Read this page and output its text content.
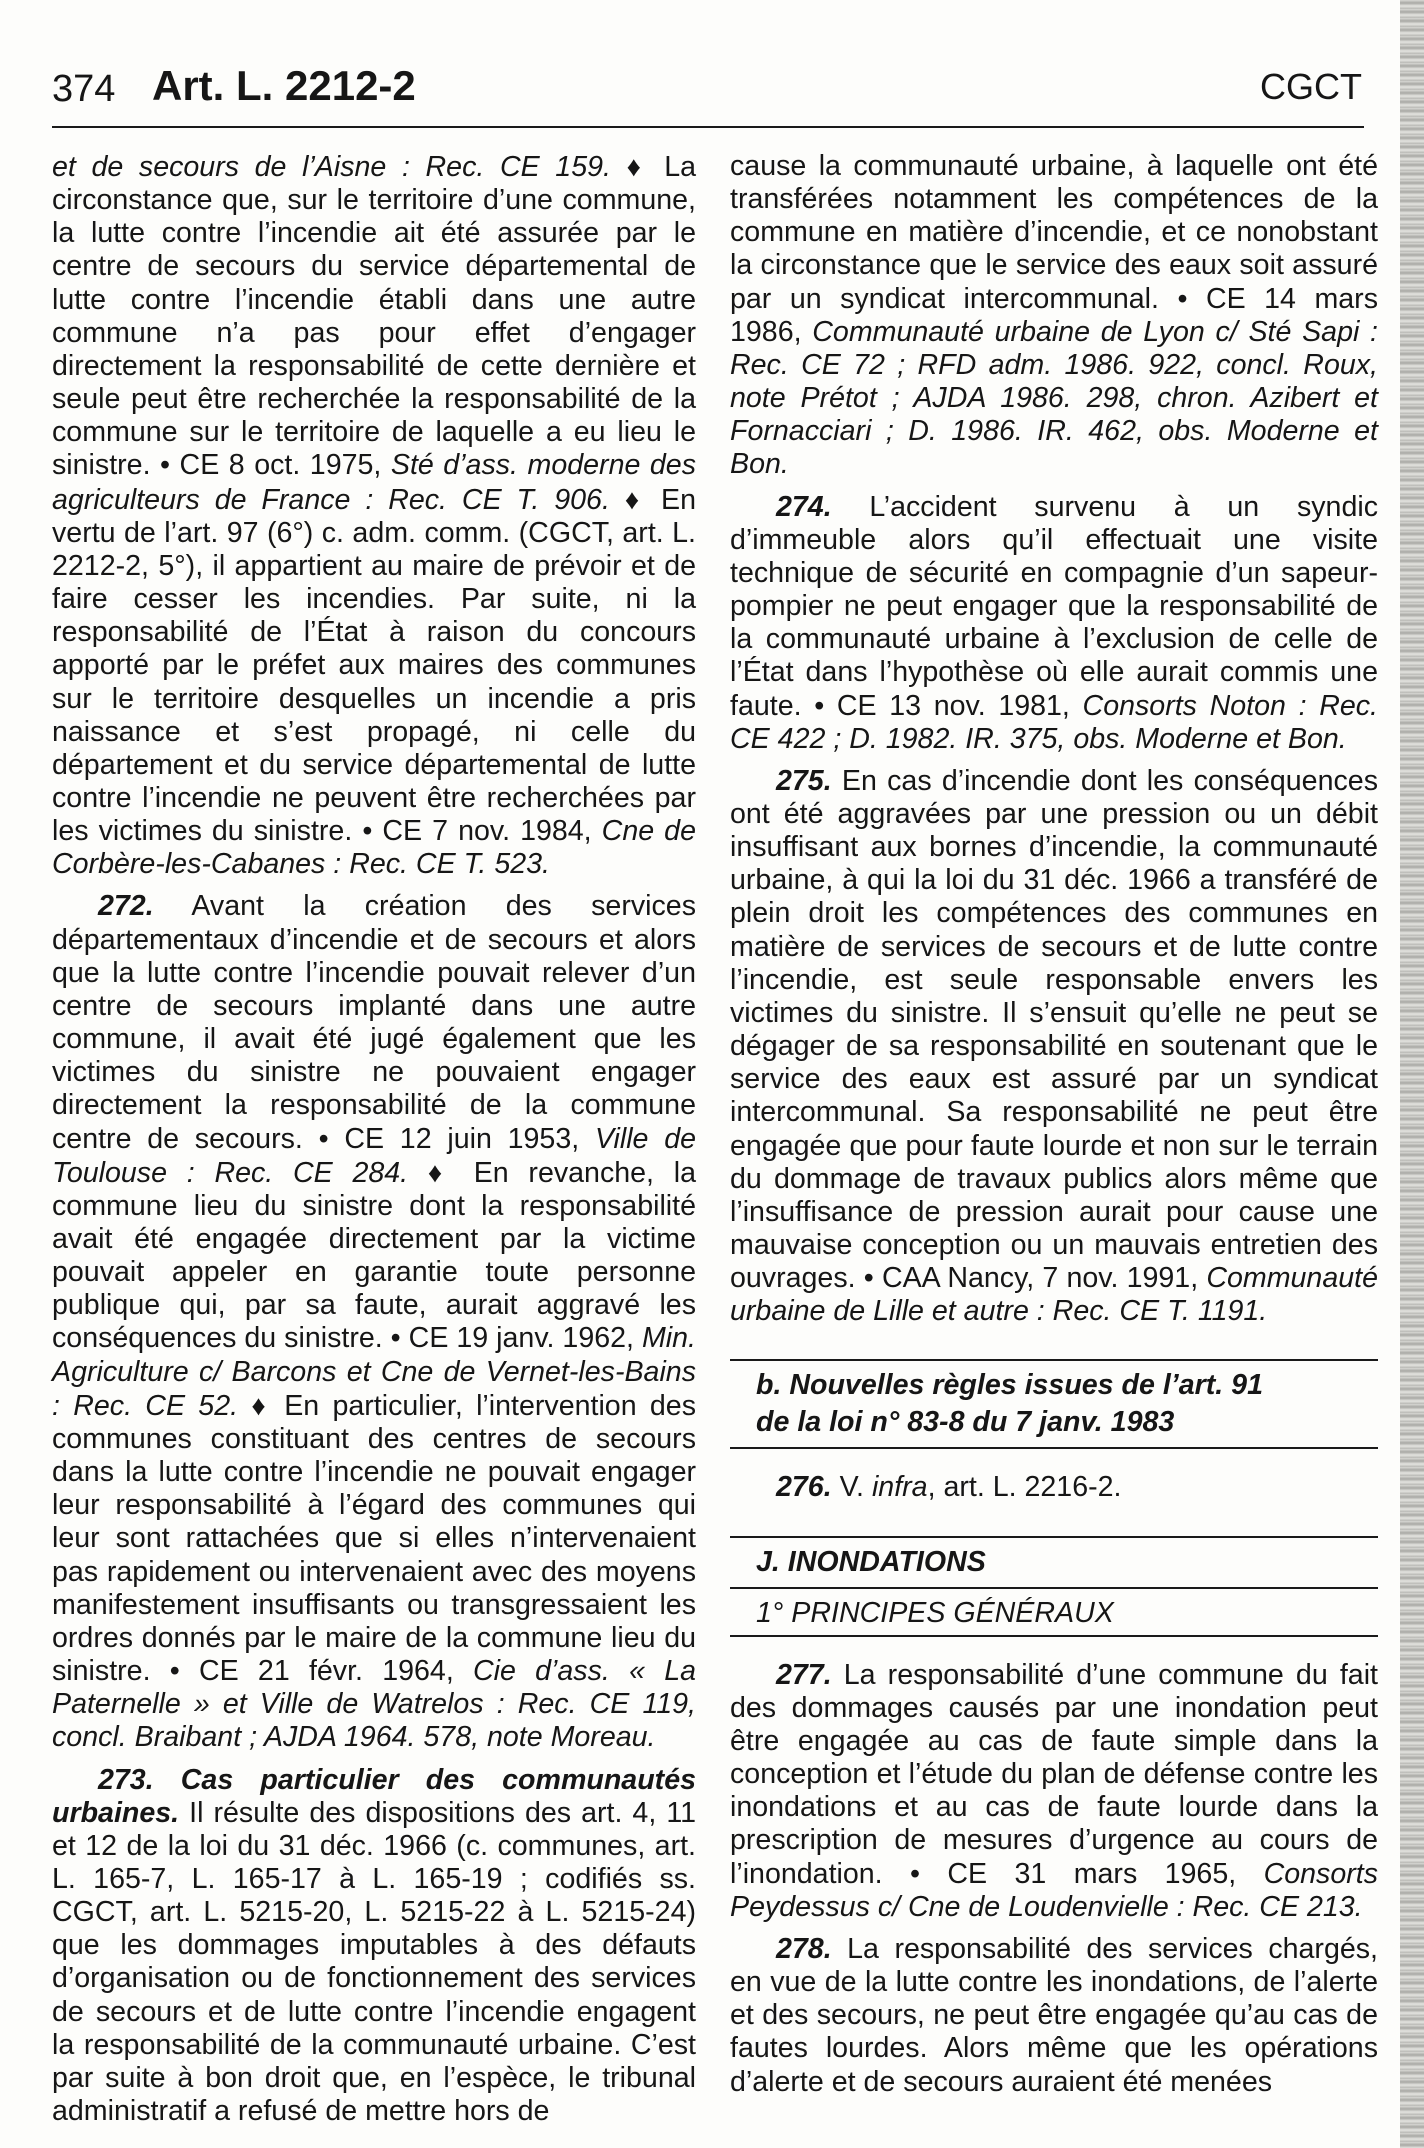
374 Art. L. 2212-2	CGCT

et de secours de l’Aisne : Rec. CE 159. ♦ La circonstance que, sur le territoire d’une commune, la lutte contre l’incendie ait été assurée par le centre de secours du service départemental de lutte contre l’incendie établi dans une autre commune n’a pas pour effet d’engager directement la responsabilité de cette dernière et seule peut être recherchée la responsabilité de la commune sur le territoire de laquelle a eu lieu le sinistre. • CE 8 oct. 1975, Sté d’ass. moderne des agriculteurs de France : Rec. CE T. 906. ♦ En vertu de l’art. 97 (6°) c. adm. comm. (CGCT, art. L. 2212-2, 5°), il appartient au maire de prévoir et de faire cesser les incendies. Par suite, ni la responsabilité de l’État à raison du concours apporté par le préfet aux maires des communes sur le territoire desquelles un incendie a pris naissance et s’est propagé, ni celle du département et du service départemental de lutte contre l’incendie ne peuvent être recherchées par les victimes du sinistre. • CE 7 nov. 1984, Cne de Corbère-les-Cabanes : Rec. CE T. 523.

272. Avant la création des services départementaux d’incendie et de secours et alors que la lutte contre l’incendie pouvait relever d’un centre de secours implanté dans une autre commune, il avait été jugé également que les victimes du sinistre ne pouvaient engager directement la responsabilité de la commune centre de secours. • CE 12 juin 1953, Ville de Toulouse : Rec. CE 284. ♦ En revanche, la commune lieu du sinistre dont la responsabilité avait été engagée directement par la victime pouvait appeler en garantie toute personne publique qui, par sa faute, aurait aggravé les conséquences du sinistre. • CE 19 janv. 1962, Min. Agriculture c/ Barcons et Cne de Vernet-les-Bains : Rec. CE 52. ♦ En particulier, l’intervention des communes constituant des centres de secours dans la lutte contre l’incendie ne pouvait engager leur responsabilité à l’égard des communes qui leur sont rattachées que si elles n’intervenaient pas rapidement ou intervenaient avec des moyens manifestement insuffisants ou transgressaient les ordres donnés par le maire de la commune lieu du sinistre. • CE 21 févr. 1964, Cie d’ass. « La Paternelle » et Ville de Watrelos : Rec. CE 119, concl. Braibant ; AJDA 1964. 578, note Moreau.

273. Cas particulier des communautés urbaines. Il résulte des dispositions des art. 4, 11 et 12 de la loi du 31 déc. 1966 (c. communes, art. L. 165-7, L. 165-17 à L. 165-19 ; codifiés ss. CGCT, art. L. 5215-20, L. 5215-22 à L. 5215-24) que les dommages imputables à des défauts d’organisation ou de fonctionnement des services de secours et de lutte contre l’incendie engagent la responsabilité de la communauté urbaine. C’est par suite à bon droit que, en l’espèce, le tribunal administratif a refusé de mettre hors de

cause la communauté urbaine, à laquelle ont été transférées notamment les compétences de la commune en matière d’incendie, et ce nonobstant la circonstance que le service des eaux soit assuré par un syndicat intercommunal. • CE 14 mars 1986, Communauté urbaine de Lyon c/ Sté Sapi : Rec. CE 72 ; RFD adm. 1986. 922, concl. Roux, note Prétot ; AJDA 1986. 298, chron. Azibert et Fornacciari ; D. 1986. IR. 462, obs. Moderne et Bon.

274. L’accident survenu à un syndic d’immeuble alors qu’il effectuait une visite technique de sécurité en compagnie d’un sapeur-pompier ne peut engager que la responsabilité de la communauté urbaine à l’exclusion de celle de l’État dans l’hypothèse où elle aurait commis une faute. • CE 13 nov. 1981, Consorts Noton : Rec. CE 422 ; D. 1982. IR. 375, obs. Moderne et Bon.

275. En cas d’incendie dont les conséquences ont été aggravées par une pression ou un débit insuffisant aux bornes d’incendie, la communauté urbaine, à qui la loi du 31 déc. 1966 a transféré de plein droit les compétences des communes en matière de services de secours et de lutte contre l’incendie, est seule responsable envers les victimes du sinistre. Il s’ensuit qu’elle ne peut se dégager de sa responsabilité en soutenant que le service des eaux est assuré par un syndicat intercommunal. Sa responsabilité ne peut être engagée que pour faute lourde et non sur le terrain du dommage de travaux publics alors même que l’insuffisance de pression aurait pour cause une mauvaise conception ou un mauvais entretien des ouvrages. • CAA Nancy, 7 nov. 1991, Communauté urbaine de Lille et autre : Rec. CE T. 1191.

b. Nouvelles règles issues de l’art. 91
de la loi n° 83-8 du 7 janv. 1983

276. V. infra, art. L. 2216-2.

J. INONDATIONS
1° PRINCIPES GÉNÉRAUX

277. La responsabilité d’une commune du fait des dommages causés par une inondation peut être engagée au cas de faute simple dans la conception et l’étude du plan de défense contre les inondations et au cas de faute lourde dans la prescription de mesures d’urgence au cours de l’inondation. • CE 31 mars 1965, Consorts Peydessus c/ Cne de Loudenvielle : Rec. CE 213.

278. La responsabilité des services chargés, en vue de la lutte contre les inondations, de l’alerte et des secours, ne peut être engagée qu’au cas de fautes lourdes. Alors même que les opérations d’alerte et de secours auraient été menées
